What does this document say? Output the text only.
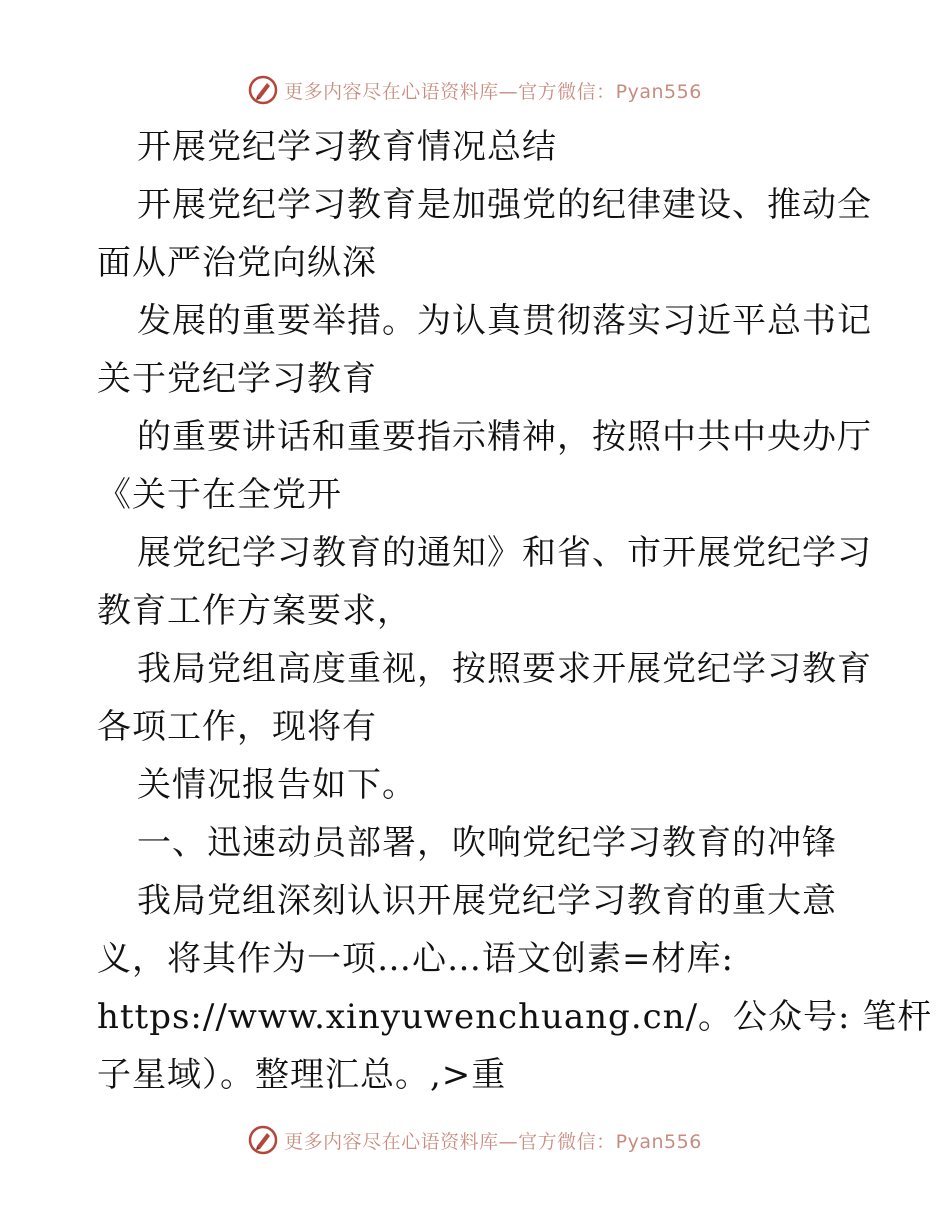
更多内容尽在心语资料库—官方微信：Pyan556
开展党纪学习教育情况总结
开展党纪学习教育是加强党的纪律建设、推动全
面从严治党向纵深
发展的重要举措。为认真贯彻落实习近平总书记
关于党纪学习教育
的重要讲话和重要指示精神，按照中共中央办厅
《关于在全党开
展党纪学习教育的通知》和省、市开展党纪学习
教育工作方案要求，
我局党组高度重视，按照要求开展党纪学习教育
各项工作，现将有
关情况报告如下。
一、迅速动员部署，吹响党纪学习教育的冲锋
我局党组深刻认识开展党纪学习教育的重大意
义，将其作为一项…心…语文创素=材库:
https://www.xinyuwenchuang.cn/。公众号: 笔杆
子星域）。整理汇总。,>重
更多内容尽在心语资料库—官方微信：Pyan556
